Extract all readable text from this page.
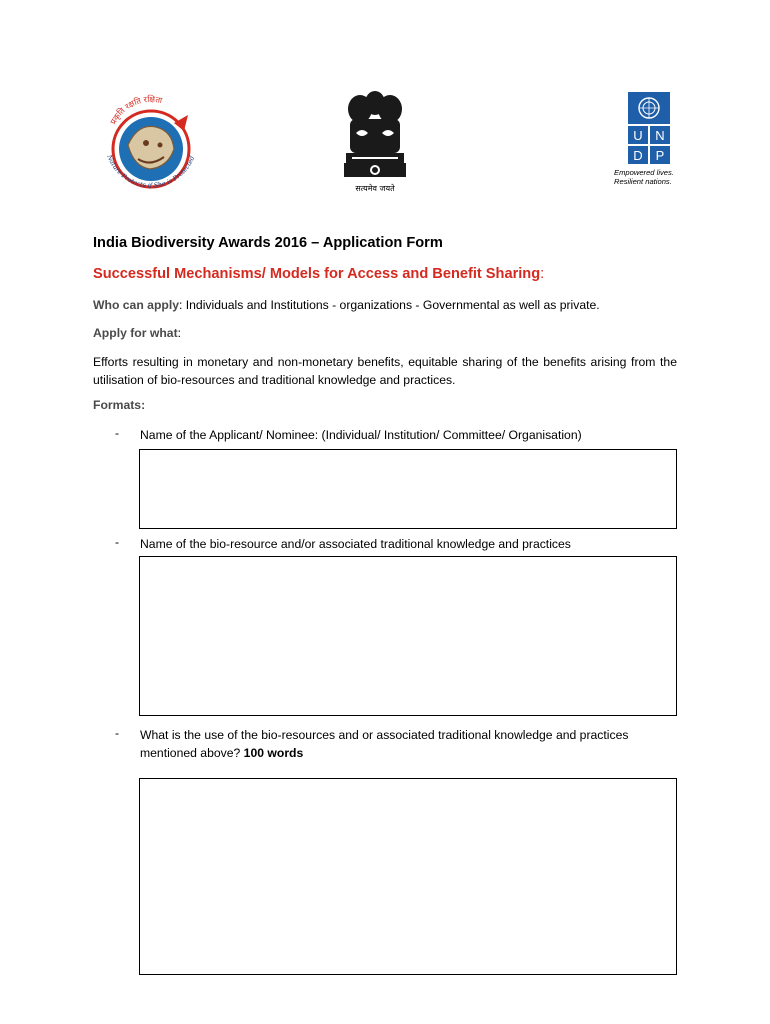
प्रकृति रक्षति रक्षिता
Nature Protects if She is Protected
सत्यमेव जयते
U N
D P
Empowered lives.
Resilient nations.
India Biodiversity Awards 2016 – Application Form
Successful Mechanisms/ Models for Access and Benefit Sharing:
Who can apply: Individuals and Institutions - organizations - Governmental as well as private.
Apply for what:
Efforts resulting in monetary and non-monetary benefits, equitable sharing of the benefits arising from the utilisation of bio-resources and traditional knowledge and practices.
Formats:
- Name of the Applicant/ Nominee: (Individual/ Institution/ Committee/ Organisation)
- Name of the bio-resource and/or associated traditional knowledge and practices
- What is the use of the bio-resources and or associated traditional knowledge and practices mentioned above? 100 words
